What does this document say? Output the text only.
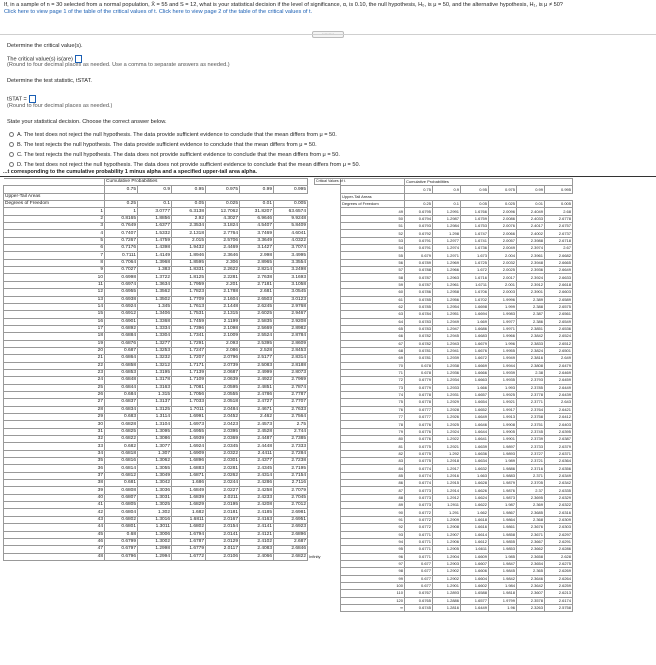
If, in a sample of n = 30 selected from a normal population, X̄ = 55 and S = 12, what is your statistical decision if the level of significance, α, is 0.10, the null hypothesis, H₀, is μ = 50, and the alternative hypothesis, H₁, is μ ≠ 50?
Click here to view page 1 of the table of the critical values of t. Click here to view page 2 of the table of the critical values of t.
Determine the critical value(s).
The critical value(s) is(are)
(Round to four decimal places as needed. Use a comma to separate answers as needed.)
Determine the test statistic, tSTAT.
tSTAT =
(Round to four decimal places as needed.)
State your statistical decision. Choose the correct answer below.
A. The test does not reject the null hypothesis. The data provide sufficient evidence to conclude that the mean differs from μ = 50.
B. The test rejects the null hypothesis. The data provide sufficient evidence to conclude that the mean differs from μ = 50.
C. The test rejects the null hypothesis. The data does not provide sufficient evidence to conclude that the mean differs from μ = 50.
D. The test does not reject the null hypothesis. The data does not provide sufficient evidence to conclude that the mean differs from μ = 50.
...t corresponding to the cumulative probability 1 minus alpha and a specified upper-tail area alpha.
	Cumulative Probabilities						
	0.75	0.9	0.95	0.975	0.99	0.995	
Upper-Tail Areas							
Degrees of Freedom	0.25	0.1	0.05	0.025	0.01	0.005	
1	1	3.0777	6.3138	12.7062	31.8207	63.6574	
2	0.8165	1.8856	2.92	4.3027	6.9646	9.9248	
3	0.7649	1.6377	2.3534	3.1824	4.5407	5.8409	
4	0.7407	1.5332	2.1318	2.7764	3.7469	4.6041	
5	0.7267	1.4759	2.015	2.5706	3.3649	4.0322	
6	0.7176	1.4398	1.9432	2.4469	3.1427	3.7074	
7	0.7111	1.4149	1.8946	2.3646	2.998	3.4995	
8	0.7064	1.3968	1.8595	2.306	2.8965	3.3554	
9	0.7027	1.383	1.8331	2.2622	2.8214	3.2498	
10	0.6998	1.3722	1.8125	2.2281	2.7638	3.1693	
11	0.6974	1.3634	1.7959	2.201	2.7181	3.1058	
12	0.6955	1.3562	1.7823	2.1788	2.681	3.0545	
13	0.6938	1.3502	1.7709	2.1604	2.6503	3.0123	
14	0.6924	1.345	1.7613	2.1448	2.6245	2.9768	
15	0.6912	1.3406	1.7531	2.1315	2.6025	2.9467	
16	0.6901	1.3368	1.7459	2.1199	2.5835	2.9208	
17	0.6892	1.3334	1.7396	2.1098	2.5669	2.8982	
18	0.6884	1.3304	1.7341	2.1009	2.5524	2.8784	
19	0.6876	1.3277	1.7291	2.093	2.5395	2.8609	
20	0.687	1.3253	1.7247	2.086	2.528	2.8453	
21	0.6864	1.3232	1.7207	2.0796	2.5177	2.8314	
22	0.6858	1.3212	1.7171	2.0739	2.5083	2.8188	
23	0.6853	1.3195	1.7139	2.0687	2.4999	2.8073	
24	0.6848	1.3178	1.7109	2.0639	2.4922	2.7969	
25	0.6844	1.3163	1.7081	2.0595	2.4851	2.7874	
26	0.684	1.315	1.7056	2.0555	2.4786	2.7787	
27	0.6837	1.3137	1.7033	2.0518	2.4727	2.7707	
28	0.6834	1.3125	1.7011	2.0484	2.4671	2.7633	
29	0.683	1.3114	1.6991	2.0452	2.462	2.7564	
30	0.6828	1.3104	1.6973	2.0423	2.4573	2.75	
31	0.6825	1.3095	1.6955	2.0395	2.4528	2.744	
32	0.6822	1.3086	1.6939	2.0369	2.4487	2.7385	
33	0.682	1.3077	1.6924	2.0345	2.4448	2.7333	
34	0.6818	1.307	1.6909	2.0322	2.4411	2.7284	
35	0.6816	1.3062	1.6896	2.0301	2.4377	2.7238	
36	0.6814	1.3055	1.6883	2.0281	2.4345	2.7195	
37	0.6812	1.3049	1.6871	2.0262	2.4314	2.7154	
38	0.681	1.3042	1.686	2.0244	2.4286	2.7116	
39	0.6808	1.3036	1.6849	2.0227	2.4258	2.7079	
40	0.6807	1.3031	1.6839	2.0211	2.4233	2.7045	
41	0.6805	1.3025	1.6829	2.0195	2.4208	2.7012	
42	0.6804	1.302	1.682	2.0181	2.4185	2.6981	
43	0.6802	1.3016	1.6811	2.0167	2.4163	2.6951	
44	0.6801	1.3011	1.6802	2.0154	2.4141	2.6923	
45	0.68	1.3006	1.6794	2.0141	2.4121	2.6896	
46	0.6799	1.3002	1.6787	2.0129	2.4102	2.687	
47	0.6797	1.2998	1.6779	2.0117	2.4083	2.6846	
48	0.6796	1.2994	1.6772	2.0106	2.4066	2.6822	Infinity
Critical Values of t.
		Cumulative Probabilities					
	0.75	0.9	0.95	0.975	0.99	0.995
Upper-Tail Areas						
Degrees of Freedom	0.25	0.1	0.05	0.025	0.01	0.005
49	0.6795	1.2991	1.6766	2.0096	2.4049	2.68
50	0.6794	1.2987	1.6759	2.0086	2.4033	2.6778
51	0.6793	1.2984	1.6753	2.0076	2.4017	2.6757
52	0.6792	1.298	1.6747	2.0066	2.4002	2.6737
53	0.6791	1.2977	1.6741	2.0057	2.3988	2.6718
54	0.6791	1.2974	1.6736	2.0049	2.3974	2.67
55	0.679	1.2971	1.673	2.004	2.3961	2.6682
56	0.6789	1.2969	1.6725	2.0032	2.3948	2.6665
57	0.6788	1.2966	1.672	2.0025	2.3936	2.6649
58	0.6787	1.2963	1.6716	2.0017	2.3924	2.6633
59	0.6787	1.2961	1.6711	2.001	2.3912	2.6618
60	0.6786	1.2958	1.6706	2.0003	2.3901	2.6603
61	0.6785	1.2956	1.6702	1.9996	2.389	2.6589
62	0.6785	1.2954	1.6698	1.999	2.388	2.6575
63	0.6784	1.2951	1.6694	1.9983	2.387	2.6561
64	0.6783	1.2949	1.669	1.9977	2.386	2.6549
65	0.6783	1.2947	1.6686	1.9971	2.3851	2.6536
66	0.6782	1.2945	1.6683	1.9966	2.3842	2.6524
67	0.6782	1.2943	1.6679	1.996	2.3833	2.6512
68	0.6781	1.2941	1.6676	1.9955	2.3824	2.6501
69	0.6781	1.2939	1.6672	1.9949	2.3816	2.649
70	0.678	1.2938	1.6669	1.9944	2.3808	2.6479
71	0.678	1.2936	1.6666	1.9939	2.38	2.6469
72	0.6779	1.2934	1.6663	1.9935	2.3793	2.6459
73	0.6779	1.2933	1.666	1.993	2.3785	2.6449
74	0.6778	1.2931	1.6657	1.9925	2.3778	2.6439
75	0.6778	1.2929	1.6654	1.9921	2.3771	2.643
76	0.6777	1.2928	1.6652	1.9917	2.3764	2.6421
77	0.6777	1.2926	1.6649	1.9913	2.3758	2.6412
78	0.6776	1.2925	1.6646	1.9908	2.3751	2.6403
79	0.6776	1.2924	1.6644	1.9905	2.3745	2.6395
80	0.6776	1.2922	1.6641	1.9901	2.3739	2.6387
81	0.6775	1.2921	1.6639	1.9897	2.3733	2.6379
82	0.6775	1.292	1.6636	1.9893	2.3727	2.6371
83	0.6775	1.2918	1.6634	1.989	2.3721	2.6364
84	0.6774	1.2917	1.6632	1.9886	2.3716	2.6356
85	0.6774	1.2916	1.663	1.9883	2.371	2.6349
86	0.6774	1.2915	1.6628	1.9879	2.3705	2.6342
87	0.6773	1.2914	1.6626	1.9876	2.37	2.6335
88	0.6773	1.2912	1.6624	1.9873	2.3695	2.6329
89	0.6773	1.2911	1.6622	1.987	2.369	2.6322
90	0.6772	1.291	1.662	1.9867	2.3685	2.6316
91	0.6772	1.2909	1.6618	1.9864	2.368	2.6309
92	0.6772	1.2908	1.6616	1.9861	2.3676	2.6303
93	0.6771	1.2907	1.6614	1.9858	2.3671	2.6297
94	0.6771	1.2906	1.6612	1.9855	2.3667	2.6291
95	0.6771	1.2905	1.6611	1.9853	2.3662	2.6286
96	0.6771	1.2904	1.6609	1.985	2.3658	2.628
97	0.677	1.2903	1.6607	1.9847	2.3654	2.6275
98	0.677	1.2902	1.6606	1.9845	2.365	2.6269
99	0.677	1.2902	1.6604	1.9842	2.3646	2.6264
100	0.677	1.2901	1.6602	1.984	2.3642	2.6259
110	0.6767	1.2893	1.6588	1.9818	2.3607	2.6213
120	0.6765	1.2886	1.6577	1.9799	2.3578	2.6174
∞	0.6745	1.2816	1.6449	1.96	2.3263	2.5758
